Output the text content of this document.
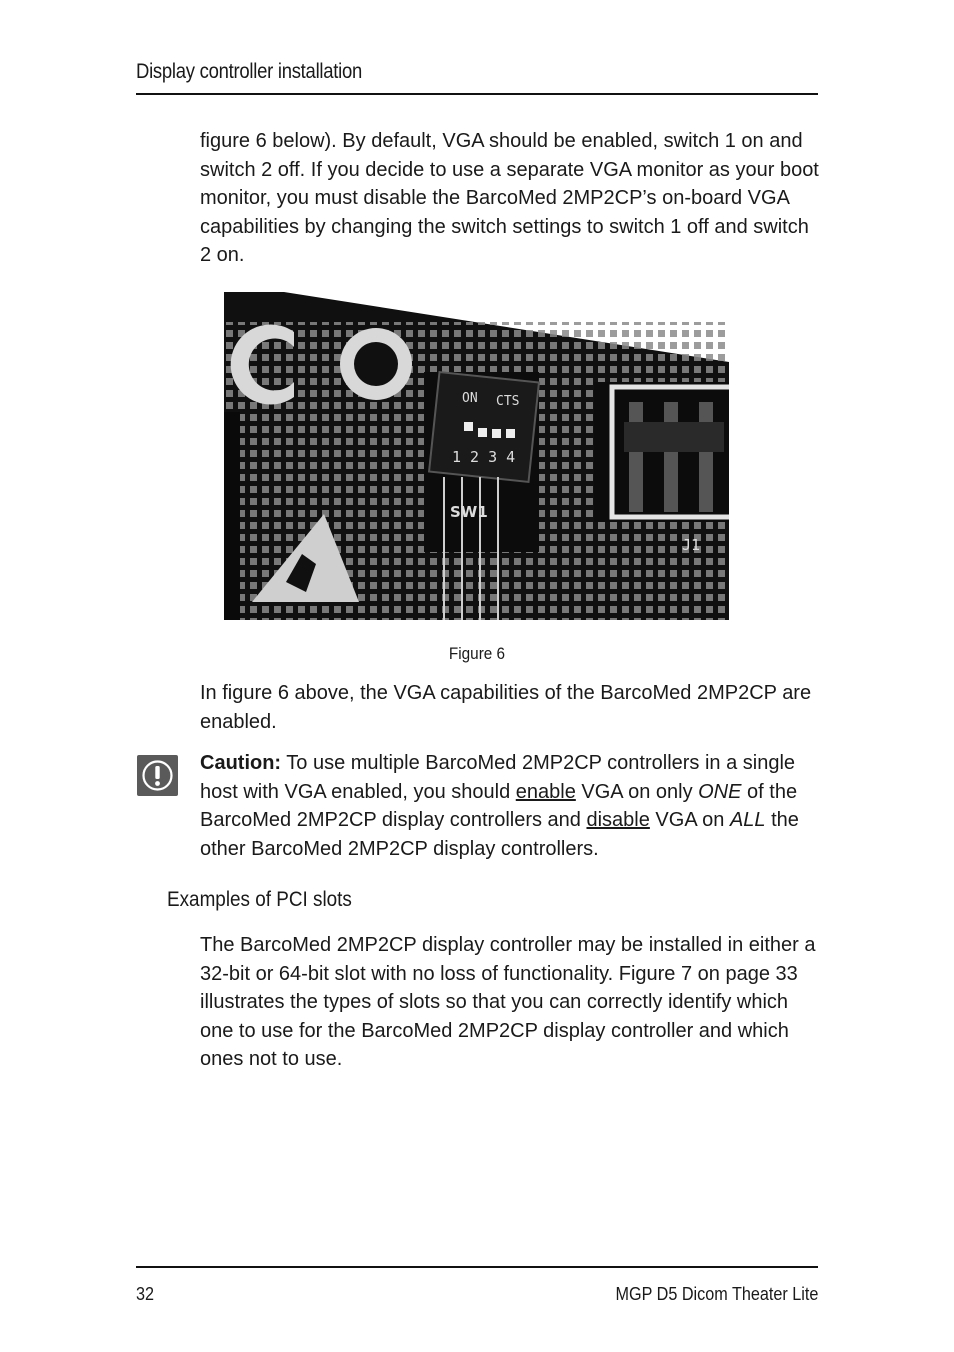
Display controller installation
figure 6 below). By default, VGA should be enabled, switch 1 on and switch 2 off. If you decide to use a separate VGA monitor as your boot monitor, you must disable the BarcoMed 2MP2CP’s on-board VGA capabilities by changing the switch settings to switch 1 off and switch 2 on.
ON CTS
1 2 3 4
SW1
J1
Figure 6
In figure 6 above, the VGA capabilities of the BarcoMed 2MP2CP are enabled.
Caution: To use multiple BarcoMed 2MP2CP controllers in a single host with VGA enabled, you should enable VGA on only ONE of the BarcoMed 2MP2CP display controllers and disable VGA on ALL the other BarcoMed 2MP2CP display controllers.
Examples of PCI slots
The BarcoMed 2MP2CP display controller may be installed in either a 32-bit or 64-bit slot with no loss of functionality. Figure 7 on page 33 illustrates the types of slots so that you can correctly identify which one to use for the BarcoMed 2MP2CP display controller and which ones not to use.
32	MGP D5 Dicom Theater Lite
